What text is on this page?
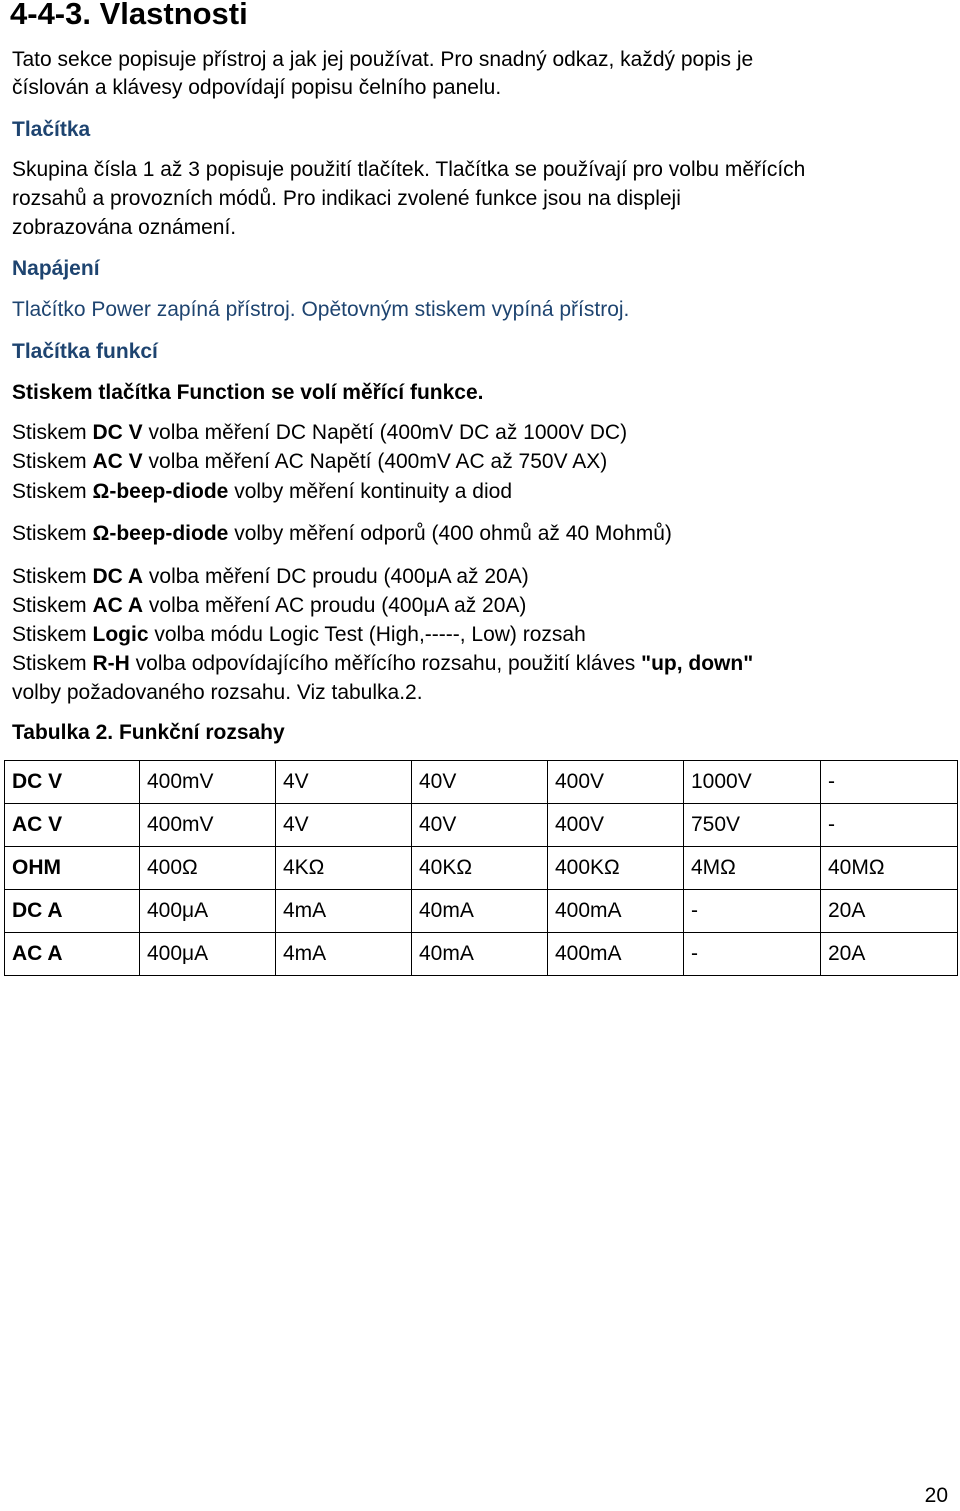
4-4-3. Vlastnosti

Tato sekce popisuje přístroj a jak jej používat. Pro snadný odkaz, každý popis je

číslován a klávesy odpovídají popisu čelního panelu.

Tlačítka

Skupina čísla 1 až 3 popisuje použití tlačítek. Tlačítka se používají pro volbu měřících

rozsahů a provozních módů. Pro indikaci zvolené funkce jsou na displeji

zobrazována oznámení.

Napájení

Tlačítko Power zapíná přístroj. Opětovným stiskem vypíná přístroj.

Tlačítka funkcí

Stiskem tlačítka Function se volí měřící funkce.

Stiskem DC V volba měření DC Napětí (400mV DC až 1000V DC)

Stiskem AC V volba měření AC Napětí (400mV AC až 750V AX)

Stiskem Ω-beep-diode volby měření kontinuity a diod

Stiskem Ω-beep-diode volby měření odporů (400 ohmů až 40 Mohmů)

Stiskem DC A volba měření DC proudu (400μA až 20A)

Stiskem AC A volba měření AC proudu (400μA až 20A)

Stiskem Logic volba módu Logic Test (High,-----, Low) rozsah

Stiskem R-H volba odpovídajícího měřícího rozsahu, použití kláves "up, down"

volby požadovaného rozsahu. Viz tabulka.2.

Tabulka 2. Funkční rozsahy

DC V	400mV	4V	40V	400V	1000V	-
AC V	400mV	4V	40V	400V	750V	-
OHM	400Ω	4KΩ	40KΩ	400KΩ	4MΩ	40MΩ
DC A	400μA	4mA	40mA	400mA	-	20A
AC A	400μA	4mA	40mA	400mA	-	20A
20
